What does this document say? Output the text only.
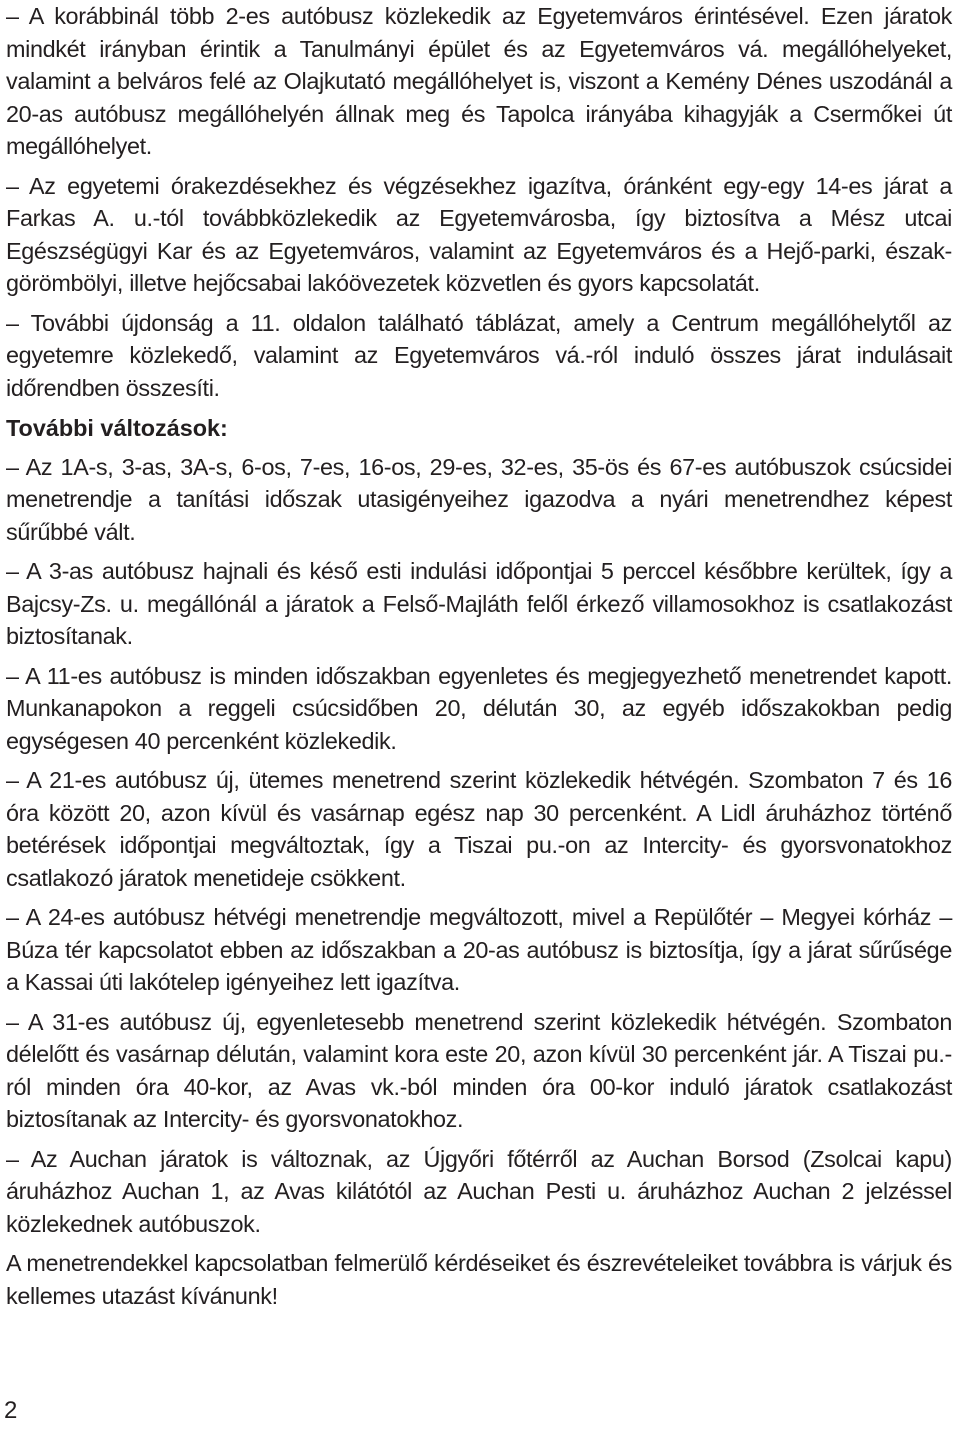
– A korábbinál több 2-es autóbusz közlekedik az Egyetemváros érintésével. Ezen járatok mindkét irányban érintik a Tanulmányi épület és az Egyetemváros vá. megállóhelyeket, valamint a belváros felé az Olajkutató megállóhelyet is, viszont a Kemény Dénes uszodánál a 20-as autóbusz megállóhelyén állnak meg és Tapolca irányába kihagyják a Csermőkei út megállóhelyet.

– Az egyetemi órakezdésekhez és végzésekhez igazítva, óránként egy-egy 14-es járat a Farkas A. u.-tól továbbközlekedik az Egyetemvárosba, így biztosítva a Mész utcai Egészségügyi Kar és az Egyetemváros, valamint az Egyetemváros és a Hejő-parki, észak-görömbölyi, illetve hejőcsabai lakóövezetek közvetlen és gyors kapcsolatát.

– További újdonság a 11. oldalon található táblázat, amely a Centrum megállóhelytől az egyetemre közlekedő, valamint az Egyetemváros vá.-ról induló összes járat indulásait időrendben összesíti.

További változások:

– Az 1A-s, 3-as, 3A-s, 6-os, 7-es, 16-os, 29-es, 32-es, 35-ös és 67-es autóbuszok csúcsidei menetrendje a tanítási időszak utasigényeihez igazodva a nyári menetrendhez képest sűrűbbé vált.

– A 3-as autóbusz hajnali és késő esti indulási időpontjai 5 perccel későbbre kerültek, így a Bajcsy-Zs. u. megállónál a járatok a Felső-Majláth felől érkező villamosokhoz is csatlakozást biztosítanak.

– A 11-es autóbusz is minden időszakban egyenletes és megjegyezhető menetrendet kapott. Munkanapokon a reggeli csúcsidőben 20, délután 30, az egyéb időszakokban pedig egységesen 40 percenként közlekedik.

– A 21-es autóbusz új, ütemes menetrend szerint közlekedik hétvégén. Szombaton 7 és 16 óra között 20, azon kívül és vasárnap egész nap 30 percenként. A Lidl áruházhoz történő betérések időpontjai megváltoztak, így a Tiszai pu.-on az Intercity- és gyorsvonatokhoz csatlakozó járatok menetideje csökkent.

– A 24-es autóbusz hétvégi menetrendje megváltozott, mivel a Repülőtér – Megyei kórház – Búza tér kapcsolatot ebben az időszakban a 20-as autóbusz is biztosítja, így a járat sűrűsége a Kassai úti lakótelep igényeihez lett igazítva.

– A 31-es autóbusz új, egyenletesebb menetrend szerint közlekedik hétvégén. Szombaton délelőtt és vasárnap délután, valamint kora este 20, azon kívül 30 percenként jár. A Tiszai pu.-ról minden óra 40-kor, az Avas vk.-ból minden óra 00-kor induló járatok csatlakozást biztosítanak az Intercity- és gyorsvonatokhoz.

– Az Auchan járatok is változnak, az Újgyőri főtérről az Auchan Borsod (Zsolcai kapu) áruházhoz Auchan 1, az Avas kilátótól az Auchan Pesti u. áruházhoz Auchan 2 jelzéssel közlekednek autóbuszok.

A menetrendekkel kapcsolatban felmerülő kérdéseiket és észrevételeiket továbbra is várjuk és kellemes utazást kívánunk!

2
